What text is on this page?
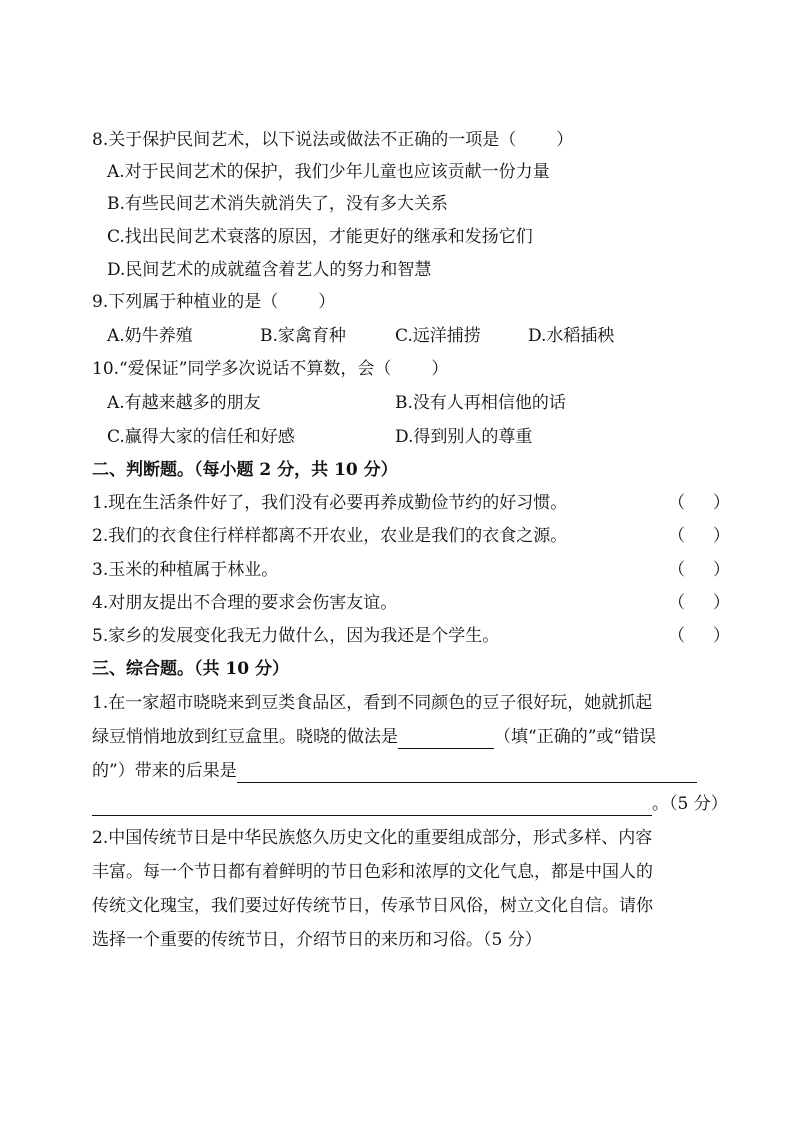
8.关于保护民间艺术，以下说法或做法不正确的一项是（ ）
A.对于民间艺术的保护，我们少年儿童也应该贡献一份力量
B.有些民间艺术消失就消失了，没有多大关系
C.找出民间艺术衰落的原因，才能更好的继承和发扬它们
D.民间艺术的成就蕴含着艺人的努力和智慧
9.下列属于种植业的是（ ）
A.奶牛养殖	B.家禽育种	C.远洋捕捞	D.水稻插秧
10.“爱保证”同学多次说话不算数，会（ ）
A.有越来越多的朋友	B.没有人再相信他的话
C.赢得大家的信任和好感	D.得到别人的尊重
二、判断题。（每小题 2 分，共 10 分）
1.现在生活条件好了，我们没有必要再养成勤俭节约的好习惯。	（ ）
2.我们的衣食住行样样都离不开农业，农业是我们的衣食之源。	（ ）
3.玉米的种植属于林业。	（ ）
4.对朋友提出不合理的要求会伤害友谊。	（ ）
5.家乡的发展变化我无力做什么，因为我还是个学生。	（ ）
三、综合题。（共 10 分）
1.在一家超市晓晓来到豆类食品区，看到不同颜色的豆子很好玩，她就抓起
绿豆悄悄地放到红豆盒里。晓晓的做法是	（填“正确的”或“错误
的”）带来的后果是
。（5 分）
2.中国传统节日是中华民族悠久历史文化的重要组成部分，形式多样、内容
丰富。每一个节日都有着鲜明的节日色彩和浓厚的文化气息，都是中国人的
传统文化瑰宝，我们要过好传统节日，传承节日风俗，树立文化自信。请你
选择一个重要的传统节日，介绍节日的来历和习俗。（5 分）
